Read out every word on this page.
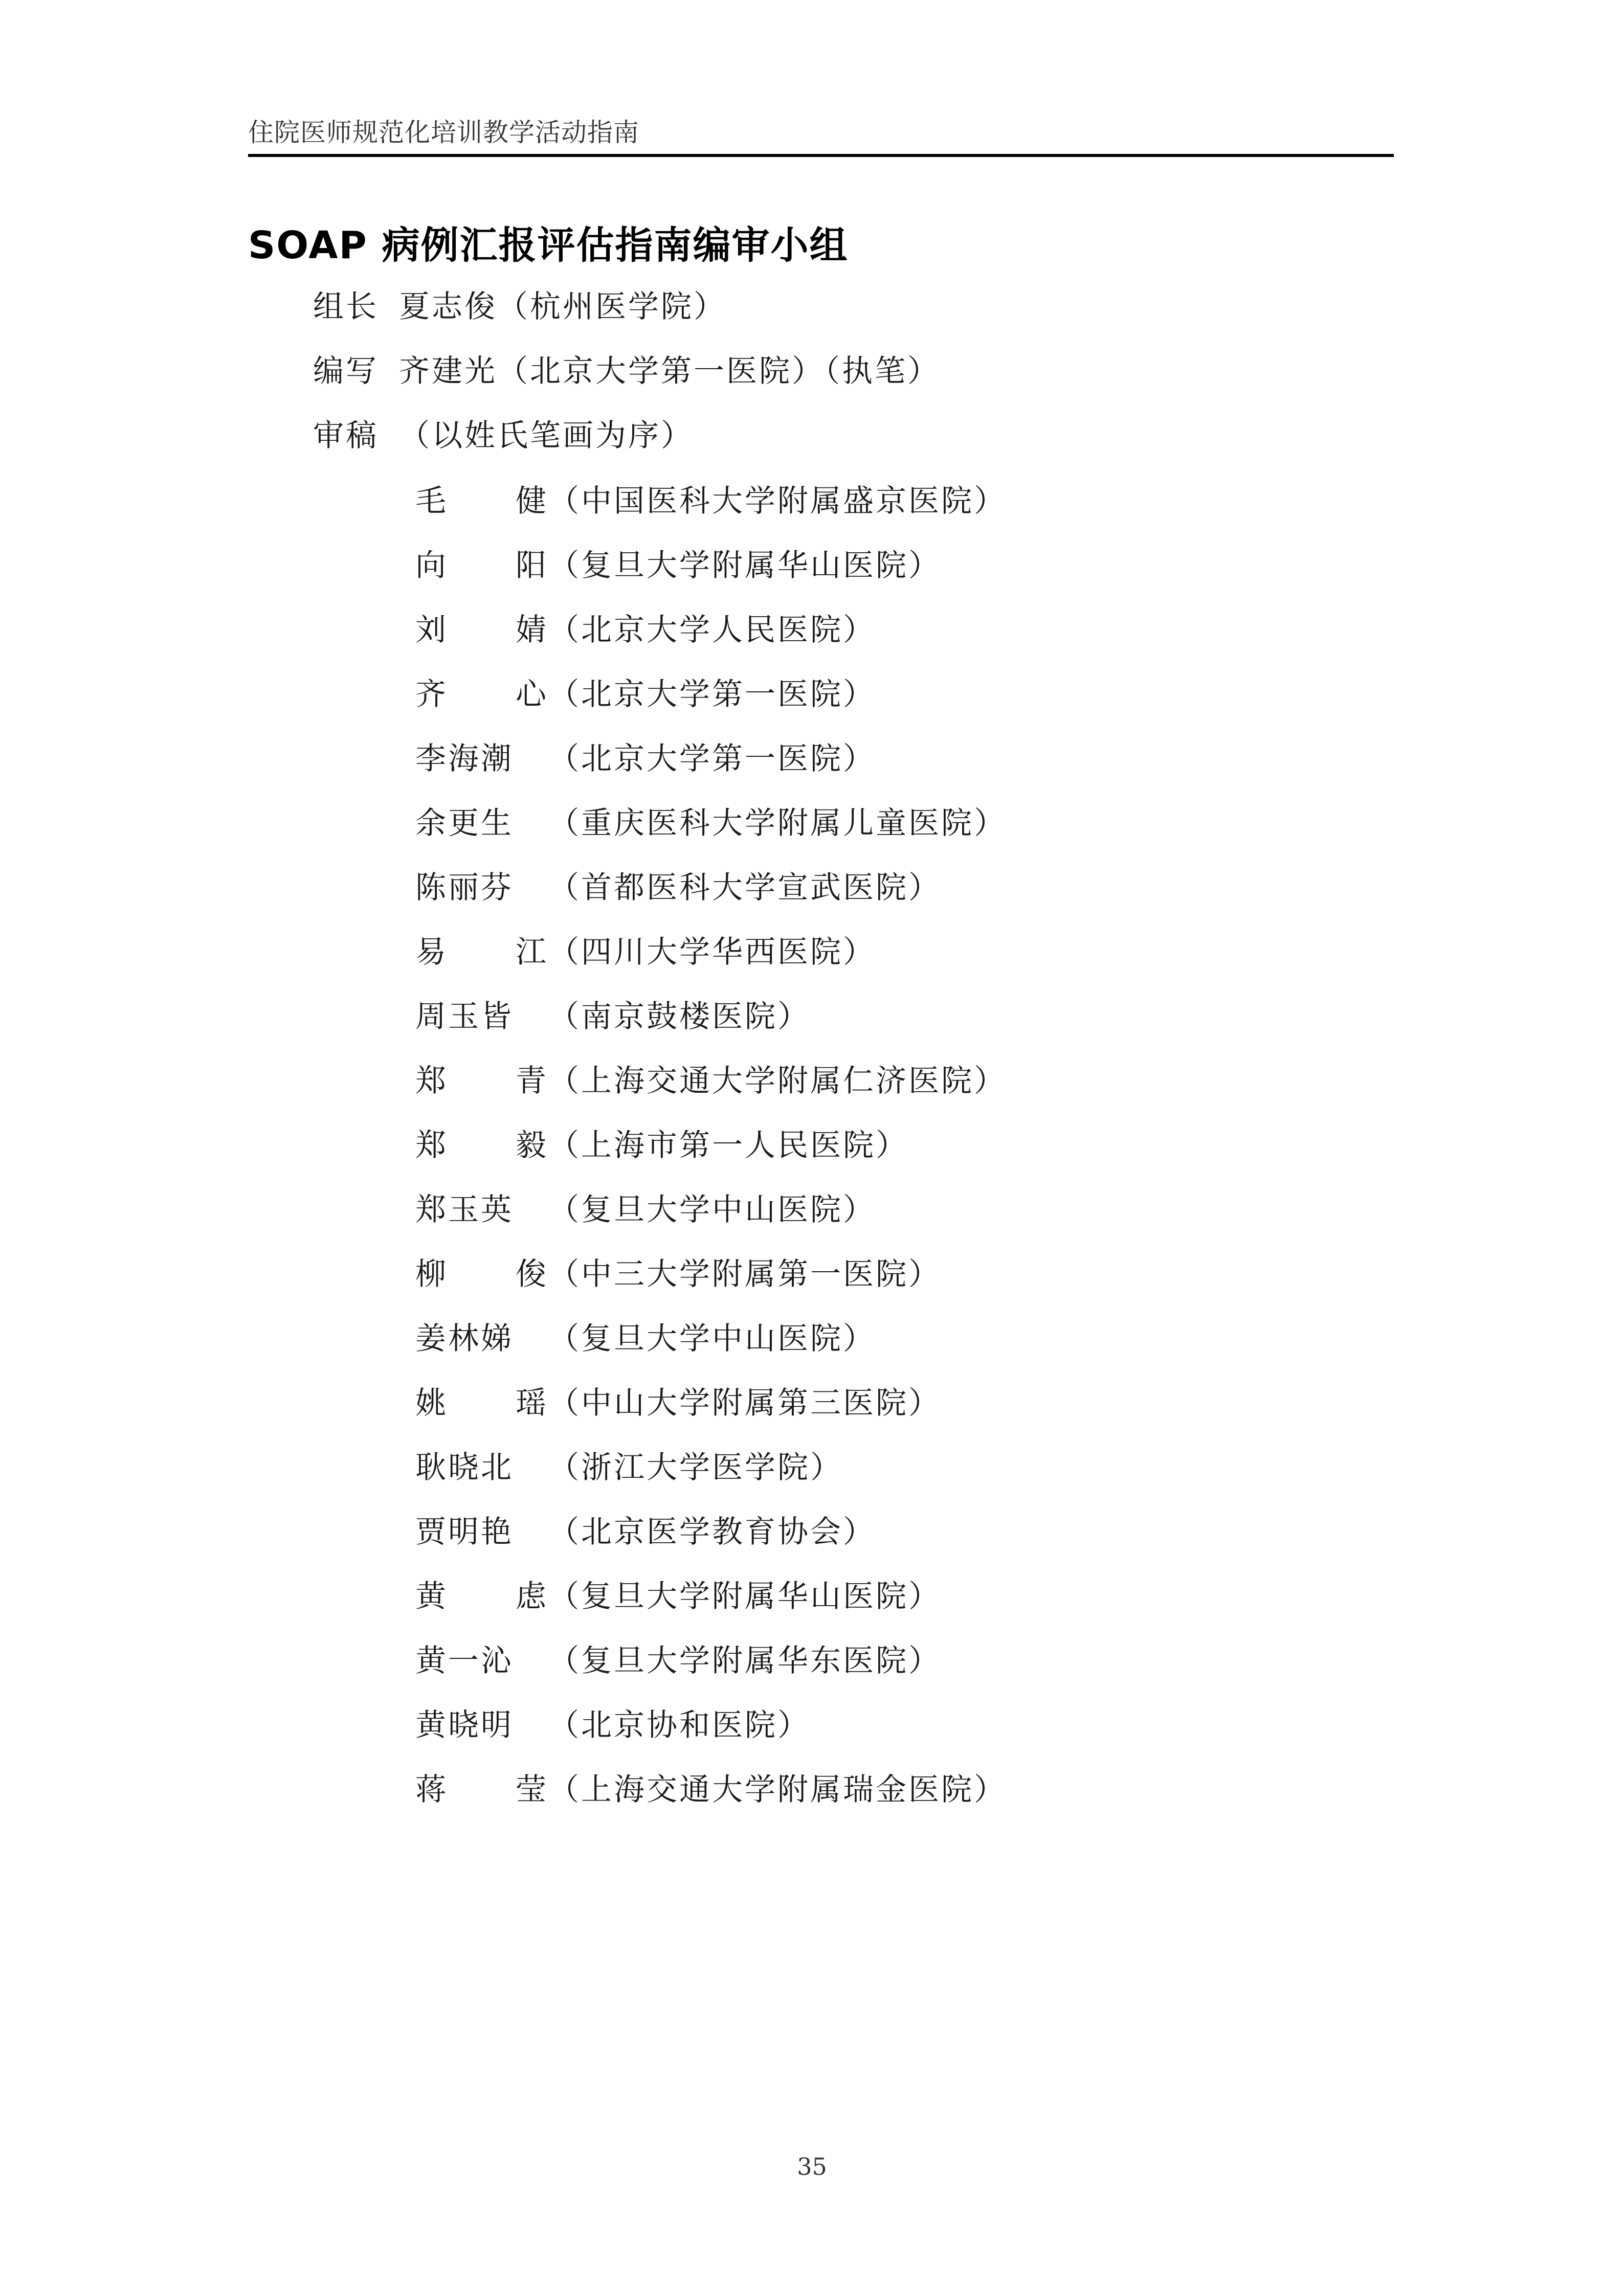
住院医师规范化培训教学活动指南
SOAP 病例汇报评估指南编审小组
组长 夏志俊（杭州医学院）
编写 齐建光（北京大学第一医院）（执笔）
审稿 （以姓氏笔画为序）
毛健（中国医科大学附属盛京医院）
向阳（复旦大学附属华山医院）
刘婧（北京大学人民医院）
齐心（北京大学第一医院）
李海潮 （北京大学第一医院）
余更生 （重庆医科大学附属儿童医院）
陈丽芬 （首都医科大学宣武医院）
易江（四川大学华西医院）
周玉皆 （南京鼓楼医院）
郑青（上海交通大学附属仁济医院）
郑毅（上海市第一人民医院）
郑玉英 （复旦大学中山医院）
柳俊（中三大学附属第一医院）
姜林娣 （复旦大学中山医院）
姚瑶（中山大学附属第三医院）
耿晓北 （浙江大学医学院）
贾明艳 （北京医学教育协会）
黄虑（复旦大学附属华山医院）
黄一沁 （复旦大学附属华东医院）
黄晓明 （北京协和医院）
蒋莹（上海交通大学附属瑞金医院）
35
